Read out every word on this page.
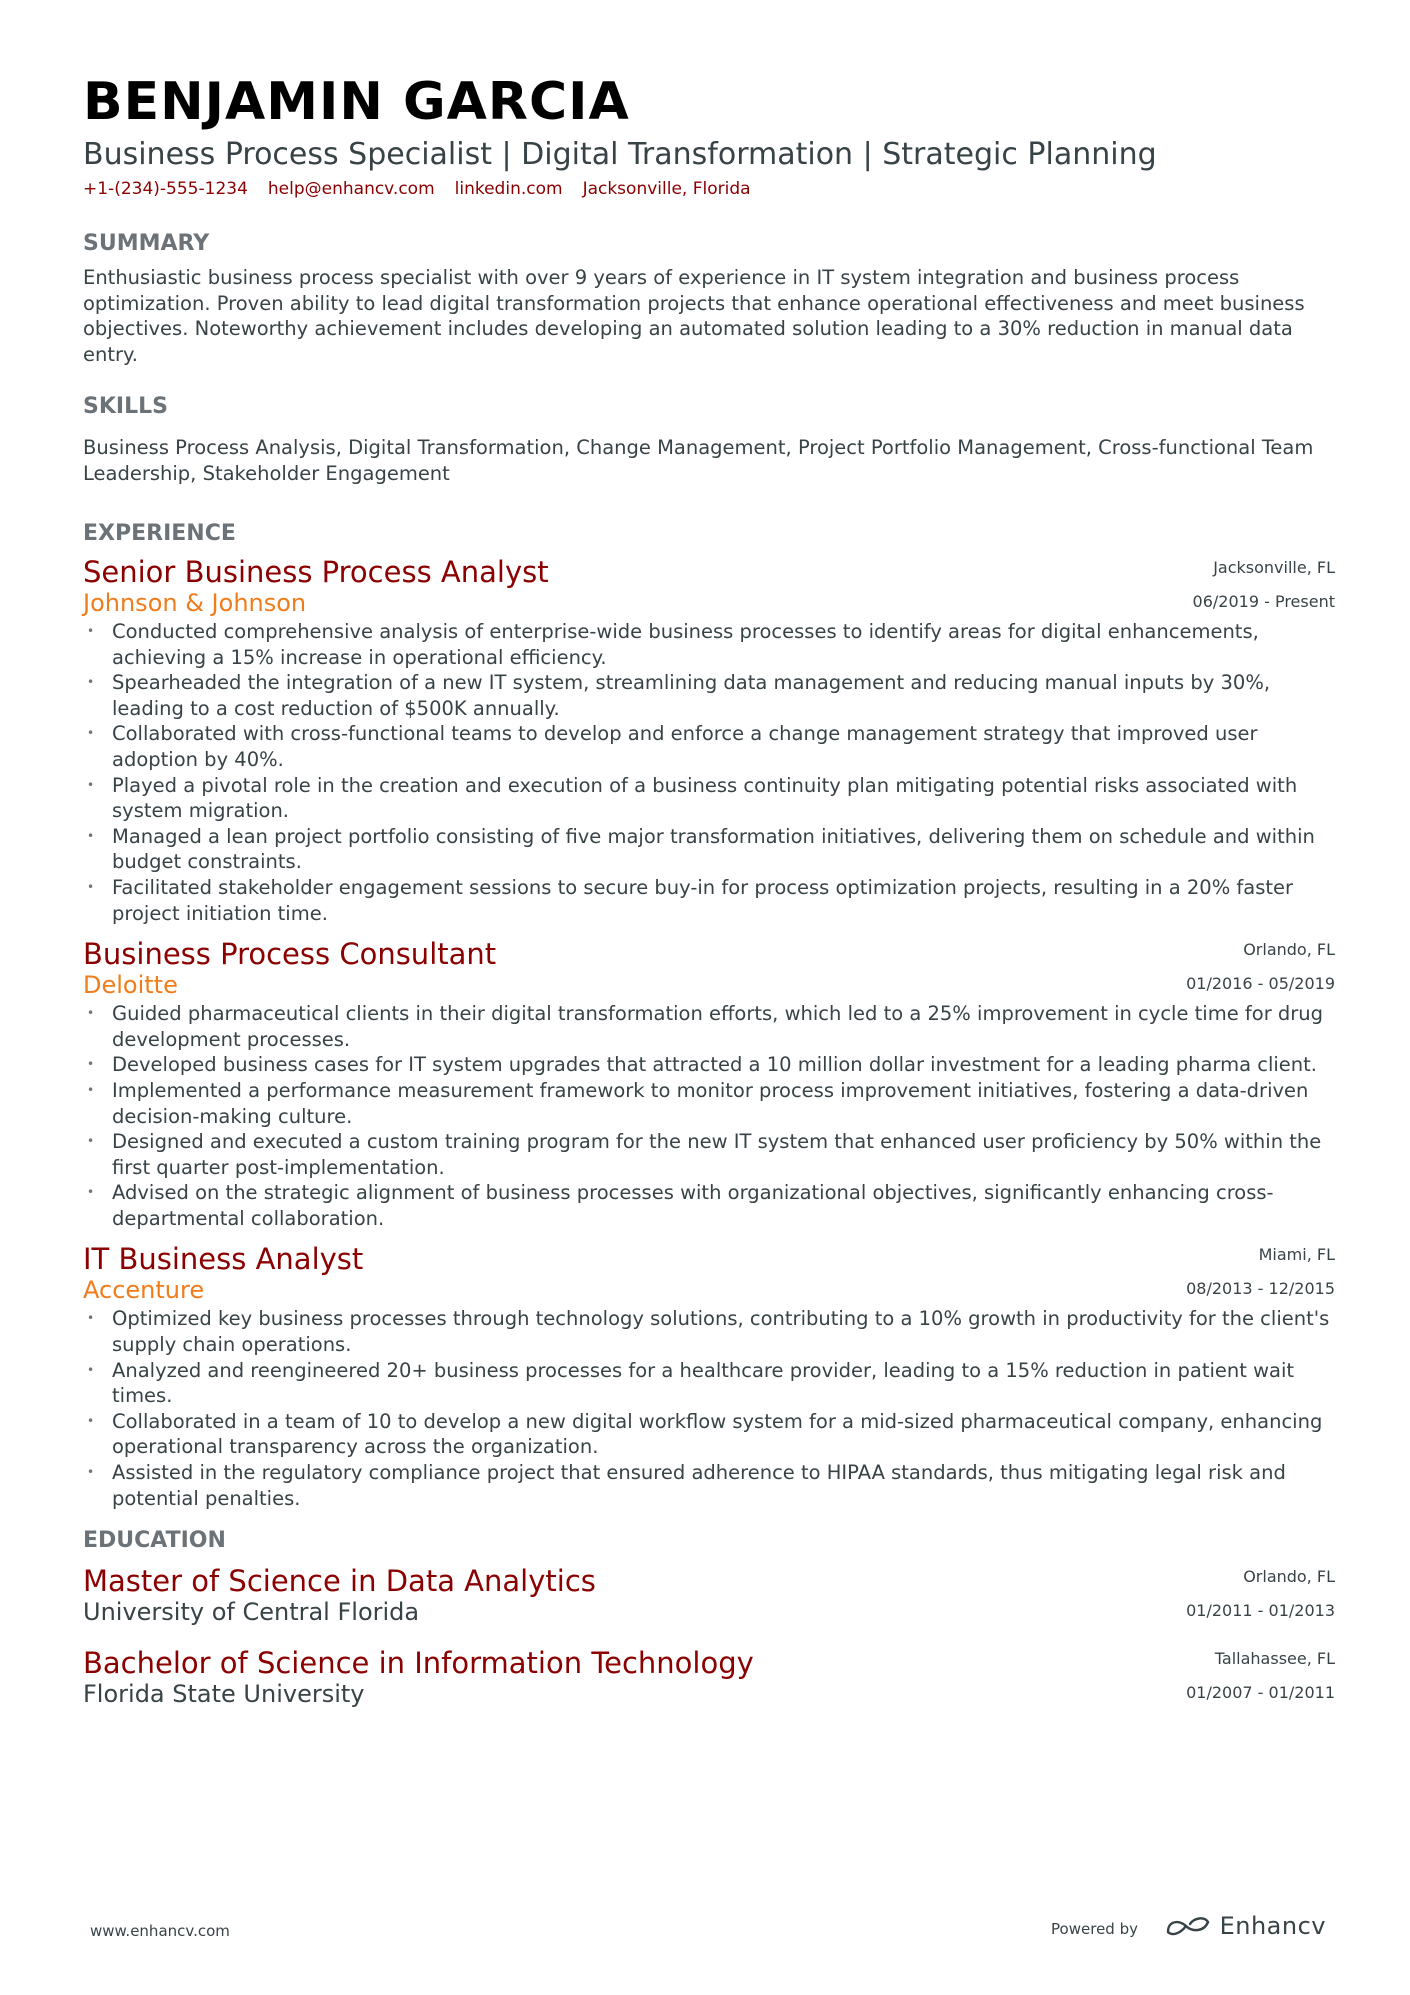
BENJAMIN GARCIA
Business Process Specialist | Digital Transformation | Strategic Planning
+1-(234)-555-1234 help@enhancv.com linkedin.com Jacksonville, Florida
SUMMARY
Enthusiastic business process specialist with over 9 years of experience in IT system integration and business process optimization. Proven ability to lead digital transformation projects that enhance operational effectiveness and meet business objectives. Noteworthy achievement includes developing an automated solution leading to a 30% reduction in manual data entry.
SKILLS
Business Process Analysis, Digital Transformation, Change Management, Project Portfolio Management, Cross-functional Team Leadership, Stakeholder Engagement
EXPERIENCE
Senior Business Process Analyst
Johnson & Johnson
Jacksonville, FL
06/2019 - Present
• Conducted comprehensive analysis of enterprise-wide business processes to identify areas for digital enhancements, achieving a 15% increase in operational efficiency.
• Spearheaded the integration of a new IT system, streamlining data management and reducing manual inputs by 30%, leading to a cost reduction of $500K annually.
• Collaborated with cross-functional teams to develop and enforce a change management strategy that improved user adoption by 40%.
• Played a pivotal role in the creation and execution of a business continuity plan mitigating potential risks associated with system migration.
• Managed a lean project portfolio consisting of five major transformation initiatives, delivering them on schedule and within budget constraints.
• Facilitated stakeholder engagement sessions to secure buy-in for process optimization projects, resulting in a 20% faster project initiation time.
Business Process Consultant
Deloitte
Orlando, FL
01/2016 - 05/2019
• Guided pharmaceutical clients in their digital transformation efforts, which led to a 25% improvement in cycle time for drug development processes.
• Developed business cases for IT system upgrades that attracted a 10 million dollar investment for a leading pharma client.
• Implemented a performance measurement framework to monitor process improvement initiatives, fostering a data-driven decision-making culture.
• Designed and executed a custom training program for the new IT system that enhanced user proficiency by 50% within the first quarter post-implementation.
• Advised on the strategic alignment of business processes with organizational objectives, significantly enhancing cross-departmental collaboration.
IT Business Analyst
Accenture
Miami, FL
08/2013 - 12/2015
• Optimized key business processes through technology solutions, contributing to a 10% growth in productivity for the client's supply chain operations.
• Analyzed and reengineered 20+ business processes for a healthcare provider, leading to a 15% reduction in patient wait times.
• Collaborated in a team of 10 to develop a new digital workflow system for a mid-sized pharmaceutical company, enhancing operational transparency across the organization.
• Assisted in the regulatory compliance project that ensured adherence to HIPAA standards, thus mitigating legal risk and potential penalties.
EDUCATION
Master of Science in Data Analytics
University of Central Florida
Orlando, FL
01/2011 - 01/2013
Bachelor of Science in Information Technology
Florida State University
Tallahassee, FL
01/2007 - 01/2011
www.enhancv.com	Powered by	Enhancv
